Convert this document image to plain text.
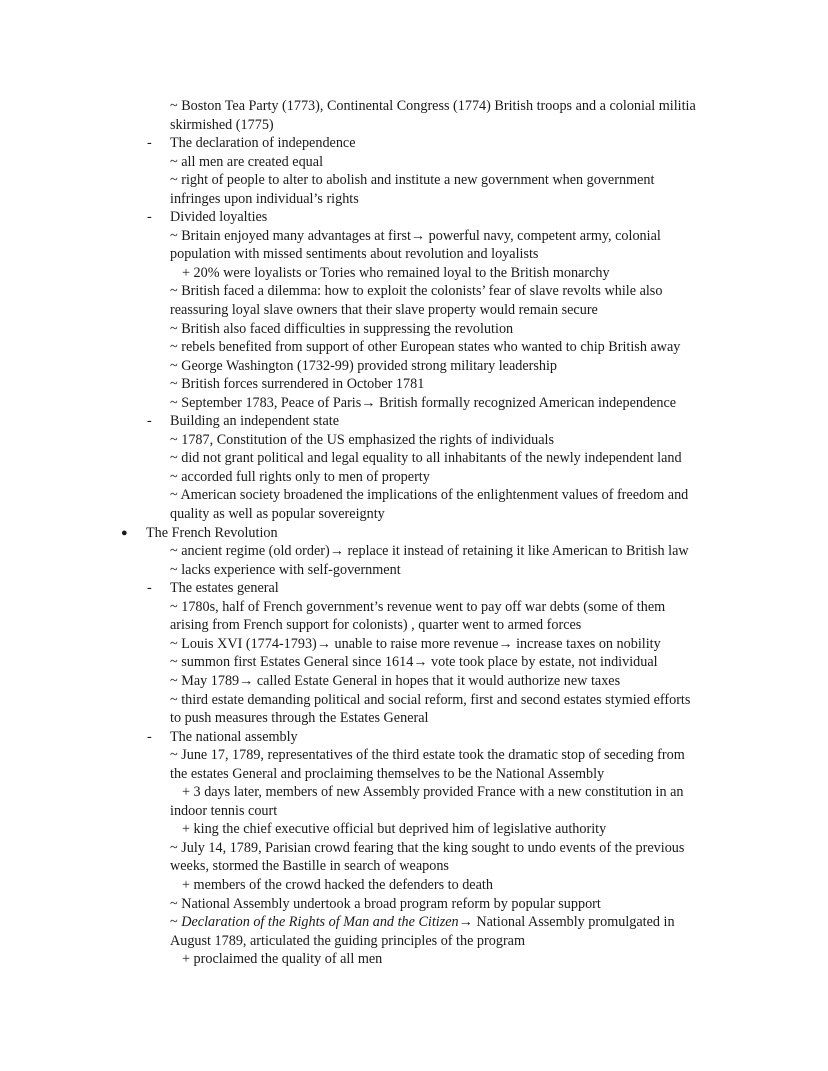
~ Boston Tea Party (1773), Continental Congress (1774) British troops and a colonial militia
skirmished (1775)
- The declaration of independence
~ all men are created equal
~ right of people to alter to abolish and institute a new government when government
infringes upon individual’s rights
- Divided loyalties
~ Britain enjoyed many advantages at first→ powerful navy, competent army, colonial
population with missed sentiments about revolution and loyalists
+ 20% were loyalists or Tories who remained loyal to the British monarchy
~ British faced a dilemma: how to exploit the colonists’ fear of slave revolts while also
reassuring loyal slave owners that their slave property would remain secure
~ British also faced difficulties in suppressing the revolution
~ rebels benefited from support of other European states who wanted to chip British away
~ George Washington (1732-99) provided strong military leadership
~ British forces surrendered in October 1781
~ September 1783, Peace of Paris→ British formally recognized American independence
- Building an independent state
~ 1787, Constitution of the US emphasized the rights of individuals
~ did not grant political and legal equality to all inhabitants of the newly independent land
~ accorded full rights only to men of property
~ American society broadened the implications of the enlightenment values of freedom and
quality as well as popular sovereignty
● The French Revolution
~ ancient regime (old order)→ replace it instead of retaining it like American to British law
~ lacks experience with self-government
- The estates general
~ 1780s, half of French government’s revenue went to pay off war debts (some of them
arising from French support for colonists) , quarter went to armed forces
~ Louis XVI (1774-1793)→ unable to raise more revenue→ increase taxes on nobility
~ summon first Estates General since 1614→ vote took place by estate, not individual
~ May 1789→ called Estate General in hopes that it would authorize new taxes
~ third estate demanding political and social reform, first and second estates stymied efforts
to push measures through the Estates General
- The national assembly
~ June 17, 1789, representatives of the third estate took the dramatic stop of seceding from
the estates General and proclaiming themselves to be the National Assembly
+ 3 days later, members of new Assembly provided France with a new constitution in an
indoor tennis court
+ king the chief executive official but deprived him of legislative authority
~ July 14, 1789, Parisian crowd fearing that the king sought to undo events of the previous
weeks, stormed the Bastille in search of weapons
+ members of the crowd hacked the defenders to death
~ National Assembly undertook a broad program reform by popular support
~ Declaration of the Rights of Man and the Citizen→ National Assembly promulgated in
August 1789, articulated the guiding principles of the program
+ proclaimed the quality of all men
